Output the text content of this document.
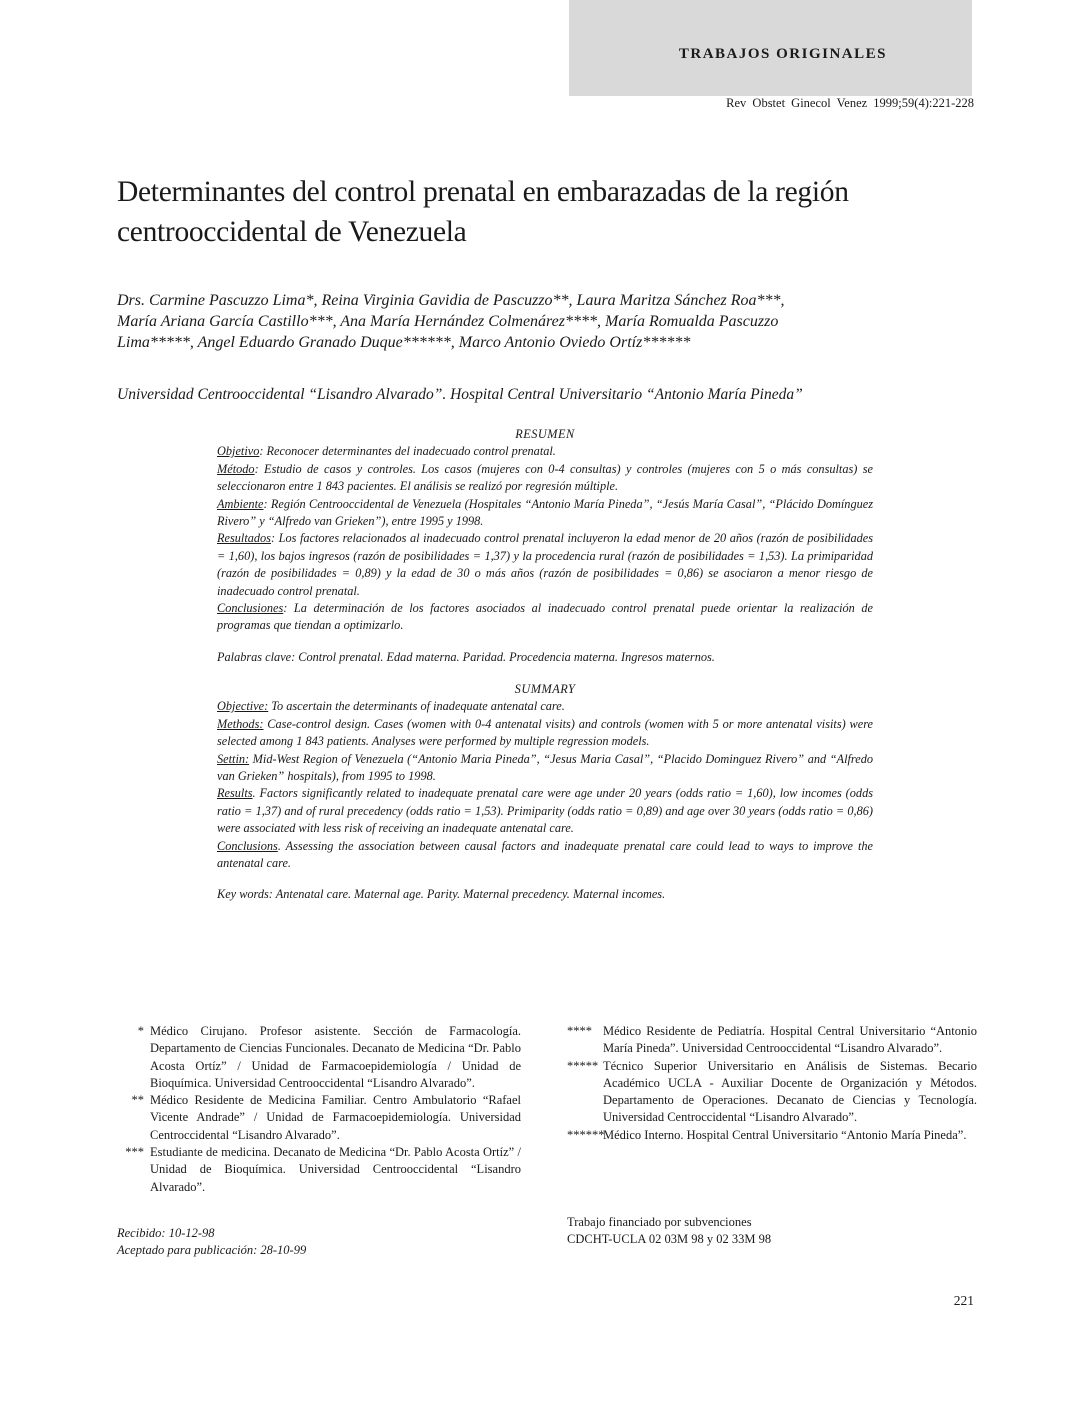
TRABAJOS ORIGINALES
Rev Obstet Ginecol Venez 1999;59(4):221-228
Determinantes del control prenatal en embarazadas de la región
centrooccidental de Venezuela
Drs. Carmine Pascuzzo Lima*, Reina Virginia Gavidia de Pascuzzo**, Laura Maritza Sánchez Roa***,
María Ariana García Castillo***, Ana María Hernández Colmenárez****, María Romualda Pascuzzo
Lima*****, Angel Eduardo Granado Duque******, Marco Antonio Oviedo Ortíz******
Universidad Centrooccidental “Lisandro Alvarado”. Hospital Central Universitario “Antonio María Pineda”
RESUMEN

Objetivo: Reconocer determinantes del inadecuado control prenatal.

Método: Estudio de casos y controles. Los casos (mujeres con 0-4 consultas) y controles (mujeres con 5 o más consultas) se seleccionaron entre 1 843 pacientes. El análisis se realizó por regresión múltiple.

Ambiente: Región Centrooccidental de Venezuela (Hospitales “Antonio María Pineda”, “Jesús María Casal”, “Plácido Domínguez Rivero” y “Alfredo van Grieken”), entre 1995 y 1998.

Resultados: Los factores relacionados al inadecuado control prenatal incluyeron la edad menor de 20 años (razón de posibilidades = 1,60), los bajos ingresos (razón de posibilidades = 1,37) y la procedencia rural (razón de posibilidades = 1,53). La primiparidad (razón de posibilidades = 0,89) y la edad de 30 o más años (razón de posibilidades = 0,86) se asociaron a menor riesgo de inadecuado control prenatal.

Conclusiones: La determinación de los factores asociados al inadecuado control prenatal puede orientar la realización de programas que tiendan a optimizarlo.

Palabras clave: Control prenatal. Edad materna. Paridad. Procedencia materna. Ingresos maternos.

SUMMARY

Objective: To ascertain the determinants of inadequate antenatal care.

Methods: Case-control design. Cases (women with 0-4 antenatal visits) and controls (women with 5 or more antenatal visits) were selected among 1 843 patients. Analyses were performed by multiple regression models.

Settin: Mid-West Region of Venezuela (“Antonio Maria Pineda”, “Jesus Maria Casal”, “Placido Dominguez Rivero” and “Alfredo van Grieken” hospitals), from 1995 to 1998.

Results. Factors significantly related to inadequate prenatal care were age under 20 years (odds ratio = 1,60), low incomes (odds ratio = 1,37) and of rural precedency (odds ratio = 1,53). Primiparity (odds ratio = 0,89) and age over 30 years (odds ratio = 0,86) were associated with less risk of receiving an inadequate antenatal care.

Conclusions. Assessing the association between causal factors and inadequate prenatal care could lead to ways to improve the antenatal care.

Key words: Antenatal care. Maternal age. Parity. Maternal precedency. Maternal incomes.

* Médico Cirujano. Profesor asistente. Sección de Farmacología. Departamento de Ciencias Funcionales. Decanato de Medicina “Dr. Pablo Acosta Ortíz” / Unidad de Farmacoepidemiología / Unidad de Bioquímica. Universidad Centrooccidental “Lisandro Alvarado”.
** Médico Residente de Medicina Familiar. Centro Ambulatorio “Rafael Vicente Andrade” / Unidad de Farmacoepidemiología. Universidad Centroccidental “Lisandro Alvarado”.
*** Estudiante de medicina. Decanato de Medicina “Dr. Pablo Acosta Ortíz” / Unidad de Bioquímica. Universidad Centrooccidental “Lisandro Alvarado”.
**** Médico Residente de Pediatría. Hospital Central Universitario “Antonio María Pineda”. Universidad Centrooccidental “Lisandro Alvarado”.
***** Técnico Superior Universitario en Análisis de Sistemas. Becario Académico UCLA - Auxiliar Docente de Organización y Métodos. Departamento de Operaciones. Decanato de Ciencias y Tecnología. Universidad Centroccidental “Lisandro Alvarado”.
******
Médico Interno. Hospital Central Universitario “Antonio María Pineda”.
Recibido: 10-12-98
Aceptado para publicación: 28-10-99
Trabajo financiado por subvenciones
CDCHT-UCLA 02 03M 98 y 02 33M 98
221
